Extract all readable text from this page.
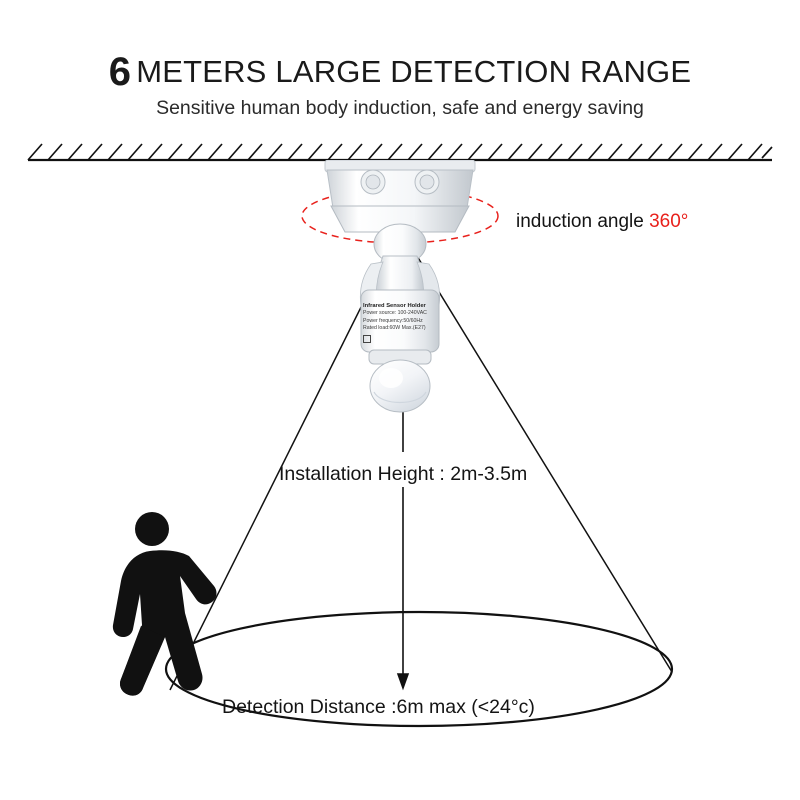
6 METERS LARGE DETECTION RANGE
Sensitive human body induction, safe and energy saving
Infrared Sensor Holder
Power source: 100-240VAC
Power frequency:50/60Hz
Rated load:60W Max.(E27)
induction angle 360°
Installation Height : 2m-3.5m
Detection Distance :6m max (<24°c)
